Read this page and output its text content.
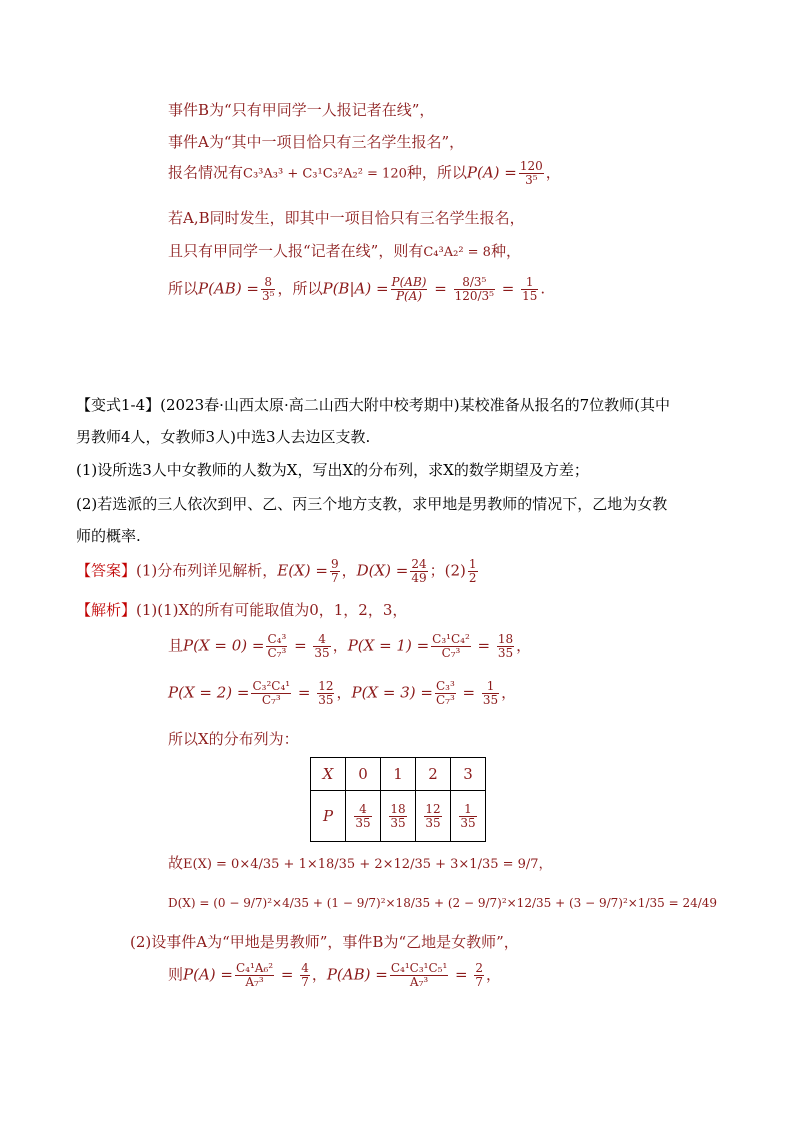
事件B为“只有甲同学一人报记者在线”，
事件A为“其中一项目恰只有三名学生报名”，
报名情况有C₃³A₃³ + C₃¹C₃²A₂² = 120种，所以$P(A) = \frac{120}{\text{3⁵}}$ ，
若A,B同时发生，即其中一项目恰只有三名学生报名，
且只有甲同学一人报“记者在线”，则有C₄³A₂² = 8种，
所以$P(AB) = \frac{8}{\text{3⁵}}$ ，所以$P(B|A) = \frac{P(AB)}{P(A)} = \frac{\text{8/3⁵}}{\text{120/3⁵}} = \frac{1}{15}$ .
【变式1-4】(2023春·山西太原·高二山西大附中校考期中)某校准备从报名的7位教师(其中
男教师4人，女教师3人)中选3人去边区支教.
(1)设所选3人中女教师的人数为X，写出X的分布列，求X的数学期望及方差；
(2)若选派的三人依次到甲、乙、丙三个地方支教，求甲地是男教师的情况下，乙地为女教
师的概率.
【答案】(1)分布列详见解析，$E(X) = \frac{9}{7}$ ，$D(X) = \frac{24}{49}$ ；$(2) \frac{1}{2}$
【解析】(1)(1)X的所有可能取值为0，1，2，3，
且$P(X = 0) = \frac{\text{C₄³}}{\text{C₇³}} = \frac{4}{35}$ ，$P(X = 1) = \frac{\text{C₃¹C₄²}}{\text{C₇³}} = \frac{18}{35}$ ，
$P(X = 2) = \frac{\text{C₃²C₄¹}}{\text{C₇³}} = \frac{12}{35}$ ，$P(X = 3) = \frac{\text{C₃³}}{\text{C₇³}} = \frac{1}{35}$ ，
所以X的分布列为：
X	0	1	2	3
P	$\frac{4}{35}$	$\frac{18}{35}$	$\frac{12}{35}$	$\frac{1}{35}$
故E(X) = 0×4/35 + 1×18/35 + 2×12/35 + 3×1/35 = 9/7，
D(X) = (0 − 9/7)²×4/35 + (1 − 9/7)²×18/35 + (2 − 9/7)²×12/35 + (3 − 9/7)²×1/35 = 24/49
(2)设事件A为“甲地是男教师”，事件B为“乙地是女教师”，
则$P(A) = \frac{\text{C₄¹A₆²}}{\text{A₇³}} = \frac{4}{7}$ ，$P(AB) = \frac{\text{C₄¹C₃¹C₅¹}}{\text{A₇³}} = \frac{2}{7}$ ，
